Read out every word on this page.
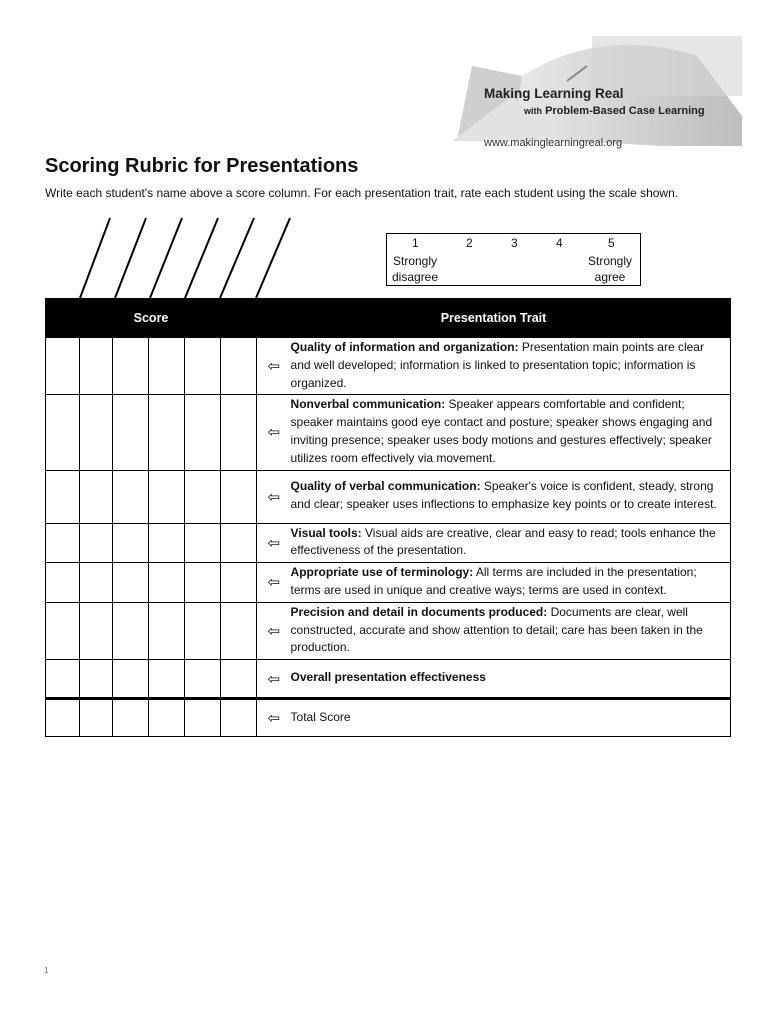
Making Learning Real
with Problem-Based Case Learning
www.makinglearningreal.org
Scoring Rubric for Presentations

Write each student's name above a score column. For each presentation trait, rate each student using the scale shown.

1	2	3	4	5
Strongly
disagree
Strongly
agree
Score						Presentation Trait	
						⇦	Quality of information and organization: Presentation main points are clear and well developed; information is linked to presentation topic; information is organized.
						⇦	Nonverbal communication: Speaker appears comfortable and confident; speaker maintains good eye contact and posture; speaker shows engaging and inviting presence; speaker uses body motions and gestures effectively; speaker utilizes room effectively via movement.
						⇦	Quality of verbal communication: Speaker's voice is confident, steady, strong and clear; speaker uses inflections to emphasize key points or to create interest.
						⇦	Visual tools: Visual aids are creative, clear and easy to read; tools enhance the effectiveness of the presentation.
						⇦	Appropriate use of terminology: All terms are included in the presentation; terms are used in unique and creative ways; terms are used in context.
						⇦	Precision and detail in documents produced: Documents are clear, well constructed, accurate and show attention to detail; care has been taken in the production.
						⇦	Overall presentation effectiveness
						⇦	Total Score
1
